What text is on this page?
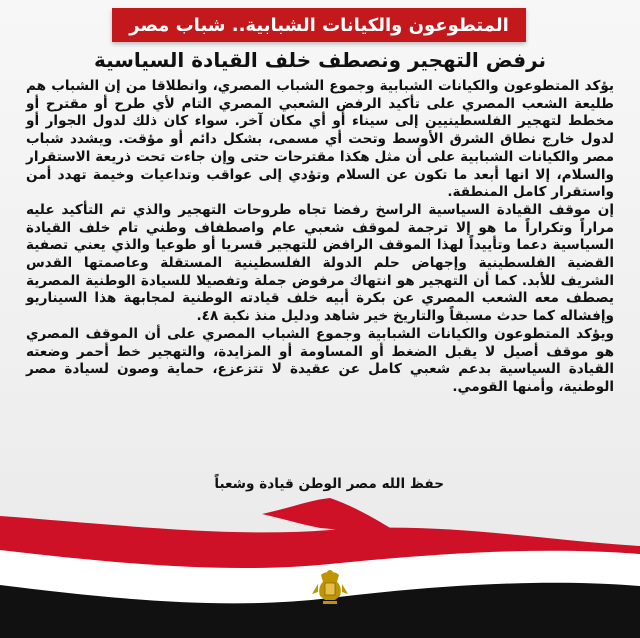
المتطوعون والكيانات الشبابية.. شباب مصر
نرفض التهجير ونصطف خلف القيادة السياسية

يؤكد المتطوعون والكيانات الشبابية وجموع الشباب المصري، وانطلاقا من إن الشباب هم طليعة الشعب المصري على تأكيد الرفض الشعبي المصري التام لأي طرح أو مقترح أو مخطط لتهجير الفلسطينيين إلى سيناء أو أي مكان آخر. سواء كان ذلك لدول الجوار أو لدول خارج نطاق الشرق الأوسط وتحت أي مسمى، بشكل دائم أو مؤقت. ويشدد شباب مصر والكيانات الشبابية على أن مثل هكذا مقترحات حتى وإن جاءت تحت ذريعة الاستقرار والسلام، إلا انها أبعد ما تكون عن السلام وتؤدي إلى عواقب وتداعيات وخيمة تهدد أمن واستقرار كامل المنطقة.

إن موقف القيادة السياسية الراسخ رفضا تجاه طروحات التهجير والذي تم التأكيد عليه مراراً وتكراراً ما هو إلا ترجمة لموقف شعبي عام واصطفاف وطني تام خلف القيادة السياسية دعما وتأييداً لهذا الموقف الرافض للتهجير قسريا أو طوعيا والذي يعني تصفية القضية الفلسطينية وإجهاض حلم الدولة الفلسطينية المستقلة وعاصمتها القدس الشريف للأبد. كما أن التهجير هو انتهاك مرفوض جملة وتفصيلا للسيادة الوطنية المصرية يصطف معه الشعب المصري عن بكرة أبيه خلف قيادته الوطنية لمجابهة هذا السيناريو وإفشاله كما حدث مسبقاً والتاريخ خير شاهد ودليل منذ نكبة ٤٨.

ويؤكد المتطوعون والكيانات الشبابية وجموع الشباب المصري على أن الموقف المصري هو موقف أصيل لا يقبل الضغط أو المساومة أو المزايدة، والتهجير خط أحمر وضعته القيادة السياسية بدعم شعبي كامل عن عقيدة لا تتزعزع، حماية وصون لسيادة مصر الوطنية، وأمنها القومي.

حفظ الله مصر الوطن قيادة وشعباً
